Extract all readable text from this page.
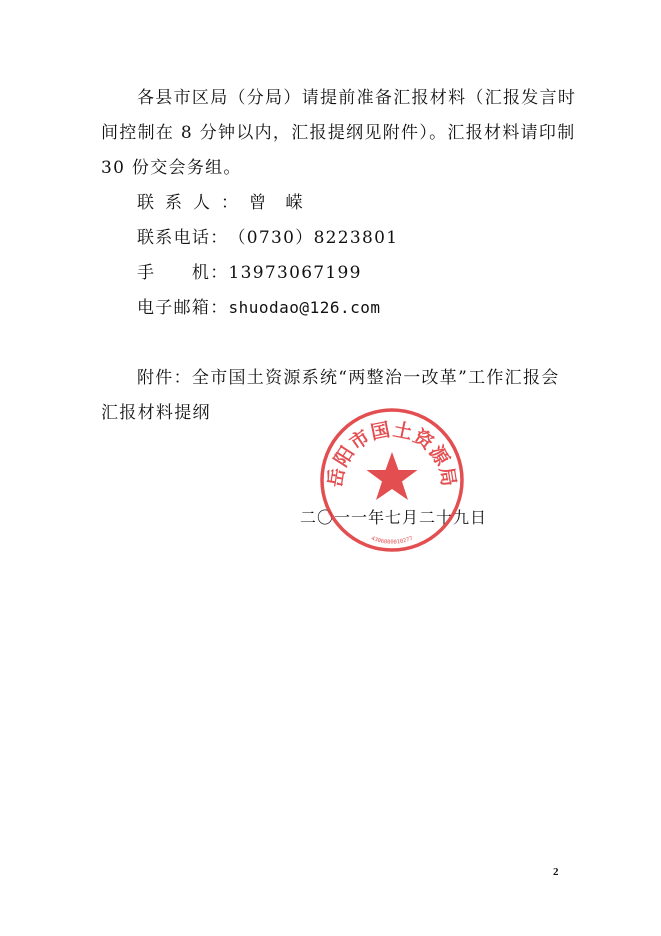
各县市区局（分局）请提前准备汇报材料（汇报发言时
间控制在 8 分钟以内，汇报提纲见附件）。汇报材料请印制
30 份交会务组。
联系人：曾　嵘
联系电话：（0730）8223801
手　　机：13973067199
电子邮箱：shuodao@126.com
附件：全市国土资源系统“两整治一改革”工作汇报会
汇报材料提纲
二〇一一年七月二十九日
岳阳市国土资源局
4306000010277
2
